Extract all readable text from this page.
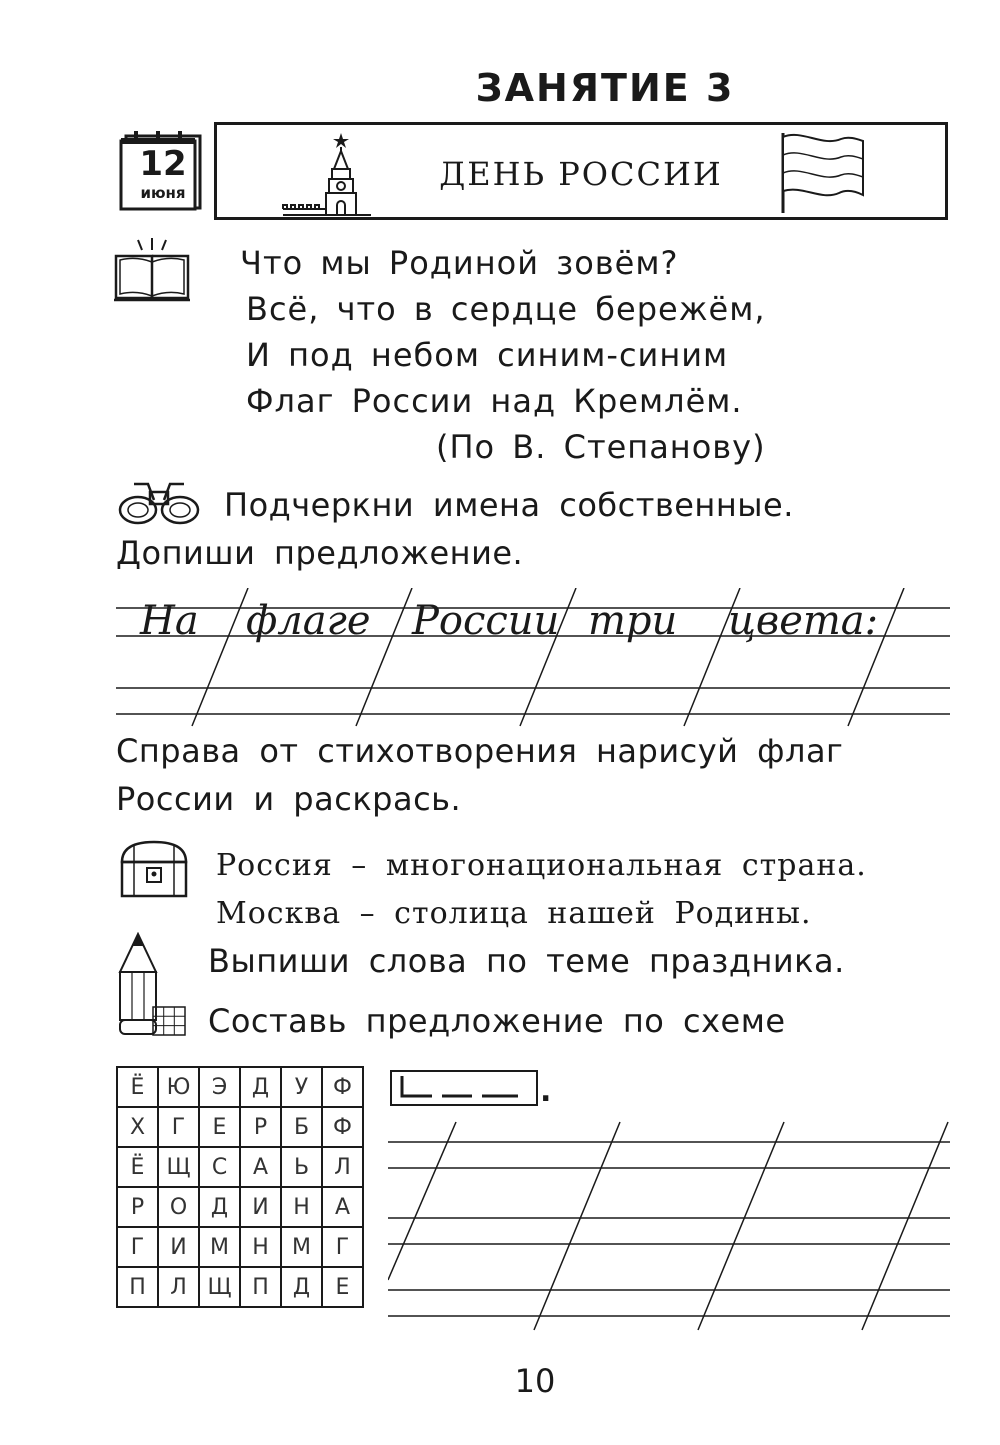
ЗАНЯТИЕ 3
12
июня	ДЕНЬ РОССИИ
Что мы Родиной зовём?
Всё, что в сердце бережём,
И под небом синим-синим
Флаг России над Кремлём.
(По В. Степанову)
Подчеркни имена собственные.
Допиши предложение.
На флаге России три цвета:
Справа от стихотворения нарисуй флаг
России и раскрась.
Россия – многонациональная страна.
Москва – столица нашей Родины.
Выпиши слова по теме праздника.
Составь предложение по схеме
Ё	Ю	Э	Д	У	Ф
Х	Г	Е	Р	Б	Ф
Ё	Щ	С	А	Ь	Л
Р	О	Д	И	Н	А
Г	И	М	Н	М	Г
П	Л	Щ	П	Д	Е
.
10
